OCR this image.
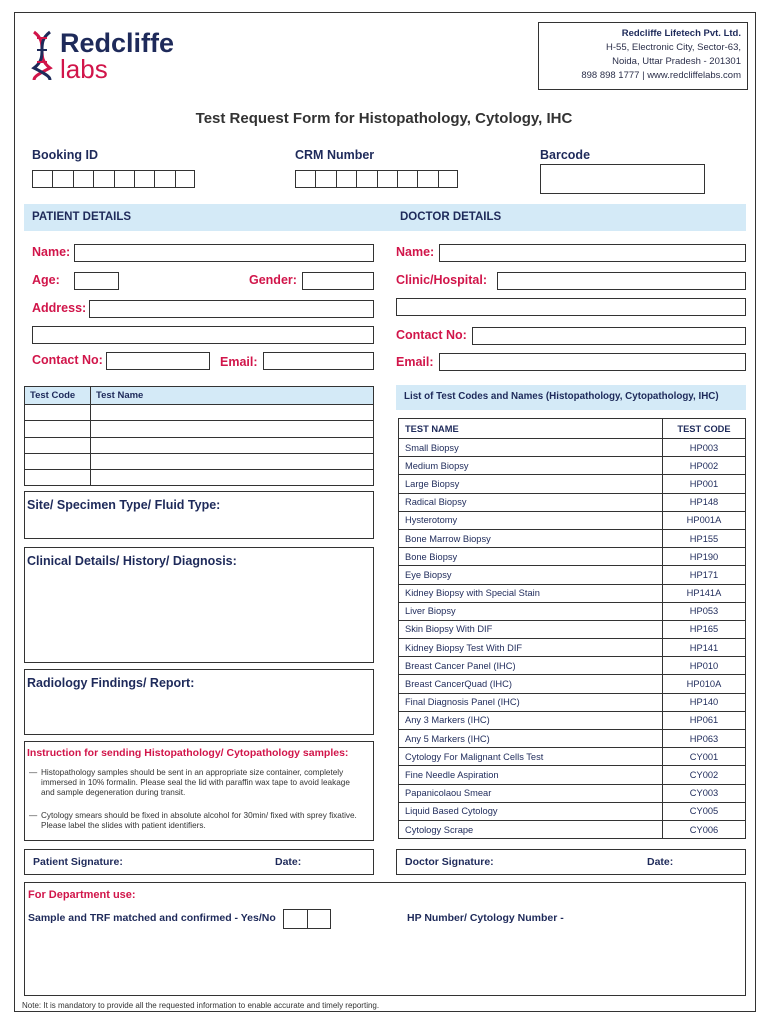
Redcliffe
labs
Redcliffe Lifetech Pvt. Ltd.
H-55, Electronic City, Sector-63,
Noida, Uttar Pradesh - 201301
898 898 1777 | www.redcliffelabs.com
Test Request Form for Histopathology, Cytology, IHC
Booking ID	CRM Number	Barcode
PATIENT DETAILS	DOCTOR DETAILS
Name:
Age:	Gender:
Address:
Contact No:	Email:
Name:
Clinic/Hospital:
Contact No:
Email:
Test Code	Test Name

Site/ Specimen Type/ Fluid Type:
Clinical Details/ History/ Diagnosis:
Radiology Findings/ Report:
Instruction for sending Histopathology/ Cytopathology samples:
— Histopathology samples should be sent in an appropriate size container, completely immersed in 10% formalin. Please seal the lid with paraffin wax tape to avoid leakage and sample degeneration during transit.
— Cytology smears should be fixed in absolute alcohol for 30min/ fixed with sprey fixative. Please label the slides with patient identifiers.
List of Test Codes and Names (Histopathology, Cytopathology, IHC)
TEST NAME	TEST CODE
Small Biopsy	HP003
Medium Biopsy	HP002
Large Biopsy	HP001
Radical Biopsy	HP148
Hysterotomy	HP001A
Bone Marrow Biopsy	HP155
Bone Biopsy	HP190
Eye Biopsy	HP171
Kidney Biopsy with Special Stain	HP141A
Liver Biopsy	HP053
Skin Biopsy With DIF	HP165
Kidney Biopsy Test With DIF	HP141
Breast Cancer Panel (IHC)	HP010
Breast CancerQuad (IHC)	HP010A
Final Diagnosis Panel (IHC)	HP140
Any 3 Markers (IHC)	HP061
Any 5 Markers (IHC)	HP063
Cytology For Malignant Cells Test	CY001
Fine Needle Aspiration	CY002
Papanicolaou Smear	CY003
Liquid Based Cytology	CY005
Cytology Scrape	CY006
Patient Signature:	Date:	Doctor Signature:	Date:
For Department use:
Sample and TRF matched and confirmed - Yes/No	HP Number/ Cytology Number -
Note: It is mandatory to provide all the requested information to enable accurate and timely reporting.
